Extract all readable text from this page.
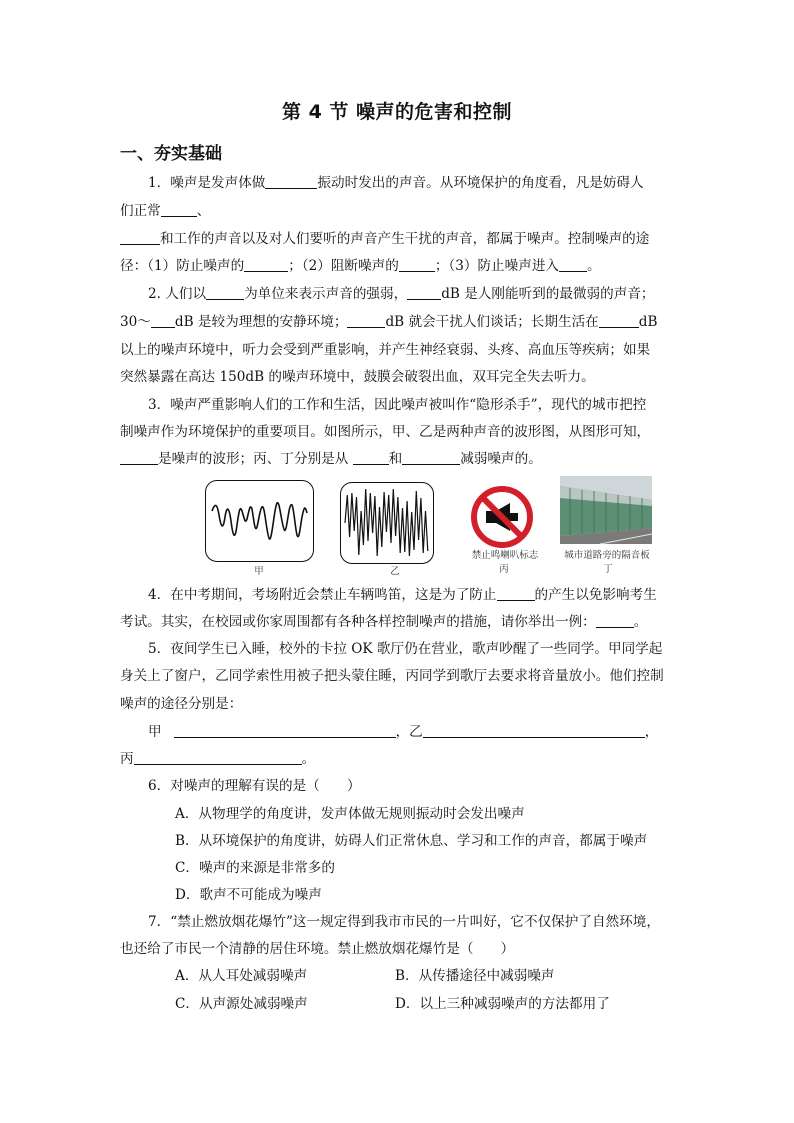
第 4 节 噪声的危害和控制
一、夯实基础
1．噪声是发声体做	振动时发出的声音。从环境保护的角度看，凡是妨碍人
们正常	、
和工作的声音以及对人们要听的声音产生干扰的声音，都属于噪声。控制噪声的途
径：（1）防止噪声的	；（2）阻断噪声的	；（3）防止噪声进入 。
2. 人们以	为单位来表示声音的强弱，	dB 是人刚能听到的最微弱的声音；
30～ dB 是较为理想的安静环境；	dB 就会干扰人们谈话；长期生活在	dB
以上的噪声环境中，听力会受到严重影响，并产生神经衰弱、头疼、高血压等疾病；如果
突然暴露在高达 150dB 的噪声环境中，鼓膜会破裂出血，双耳完全失去听力。
3．噪声严重影响人们的工作和生活，因此噪声被叫作“隐形杀手”，现代的城市把控
制噪声作为环境保护的重要项目。如图所示，甲、乙是两种声音的波形图，从图形可知，
是噪声的波形；丙、丁分别是从	和	减弱噪声的。
甲	乙
禁止鸣喇叭标志
丙
城市道路旁的隔音板
丁
4．在中考期间，考场附近会禁止车辆鸣笛，这是为了防止	的产生以免影响考生
考试。其实，在校园或你家周围都有各种各样控制噪声的措施，请你举出一例：	。
5．夜间学生已入睡，校外的卡拉 OK 歌厅仍在营业，歌声吵醒了一些同学。甲同学起
身关上了窗户，乙同学索性用被子把头蒙住睡，丙同学到歌厅去要求将音量放小。他们控制
噪声的途径分别是：
甲	，乙	，
丙	。
6．对噪声的理解有误的是（　　）
A．从物理学的角度讲，发声体做无规则振动时会发出噪声
B．从环境保护的角度讲，妨碍人们正常休息、学习和工作的声音，都属于噪声
C．噪声的来源是非常多的
D．歌声不可能成为噪声
7．“禁止燃放烟花爆竹”这一规定得到我市市民的一片叫好，它不仅保护了自然环境，
也还给了市民一个清静的居住环境。禁止燃放烟花爆竹是（　　）
A．从人耳处减弱噪声	B．从传播途径中减弱噪声
C．从声源处减弱噪声	D．以上三种减弱噪声的方法都用了
